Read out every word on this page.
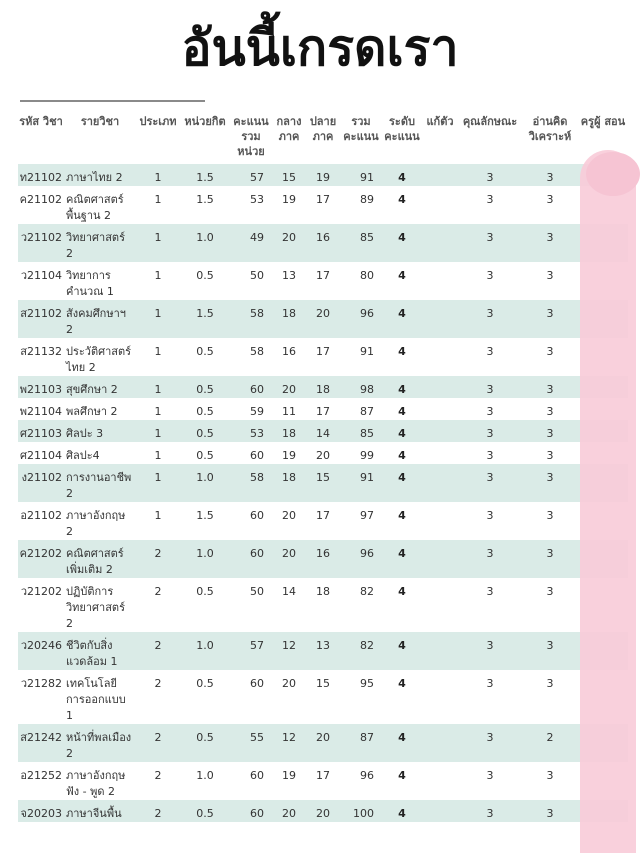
อันนี้เกรดเรา
รหัส วิชา	รายวิชา	ประเภท	หน่วยกิต	คะแนน รวม หน่วย	กลาง ภาค	ปลาย ภาค	รวม คะแนน	ระดับ คะแนน	แก้ตัว	คุณลักษณะ	อ่านคิด วิเคราะห์	ครูผู้ สอน
ท21102	ภาษาไทย 2	1	1.5	57	15	19	91	4		3	3	
ค21102	คณิตศาสตร์พื้นฐาน 2	1	1.5	53	19	17	89	4		3	3	
ว21102	วิทยาศาสตร์ 2	1	1.0	49	20	16	85	4		3	3	
ว21104	วิทยาการคำนวณ 1	1	0.5	50	13	17	80	4		3	3	
ส21102	สังคมศึกษาฯ 2	1	1.5	58	18	20	96	4		3	3	
ส21132	ประวัติศาสตร์ไทย 2	1	0.5	58	16	17	91	4		3	3	
พ21103	สุขศึกษา 2	1	0.5	60	20	18	98	4		3	3	
พ21104	พลศึกษา 2	1	0.5	59	11	17	87	4		3	3	
ศ21103	ศิลปะ 3	1	0.5	53	18	14	85	4		3	3	
ศ21104	ศิลปะ4	1	0.5	60	19	20	99	4		3	3	
ง21102	การงานอาชีพ 2	1	1.0	58	18	15	91	4		3	3	
อ21102	ภาษาอังกฤษ 2	1	1.5	60	20	17	97	4		3	3	
ค21202	คณิตศาสตร์เพิ่มเติม 2	2	1.0	60	20	16	96	4		3	3	
ว21202	ปฏิบัติการวิทยาศาสตร์ 2	2	0.5	50	14	18	82	4		3	3	
ว20246	ชีวิตกับสิ่งแวดล้อม 1	2	1.0	57	12	13	82	4		3	3	
ว21282	เทคโนโลยีการออกแบบ 1	2	0.5	60	20	15	95	4		3	3	
ส21242	หน้าที่พลเมือง 2	2	0.5	55	12	20	87	4		3	2	
อ21252	ภาษาอังกฤษฟัง - พูด 2	2	1.0	60	19	17	96	4		3	3	
จ20203	ภาษาจีนพื้น	2	0.5	60	20	20	100	4		3	3	
